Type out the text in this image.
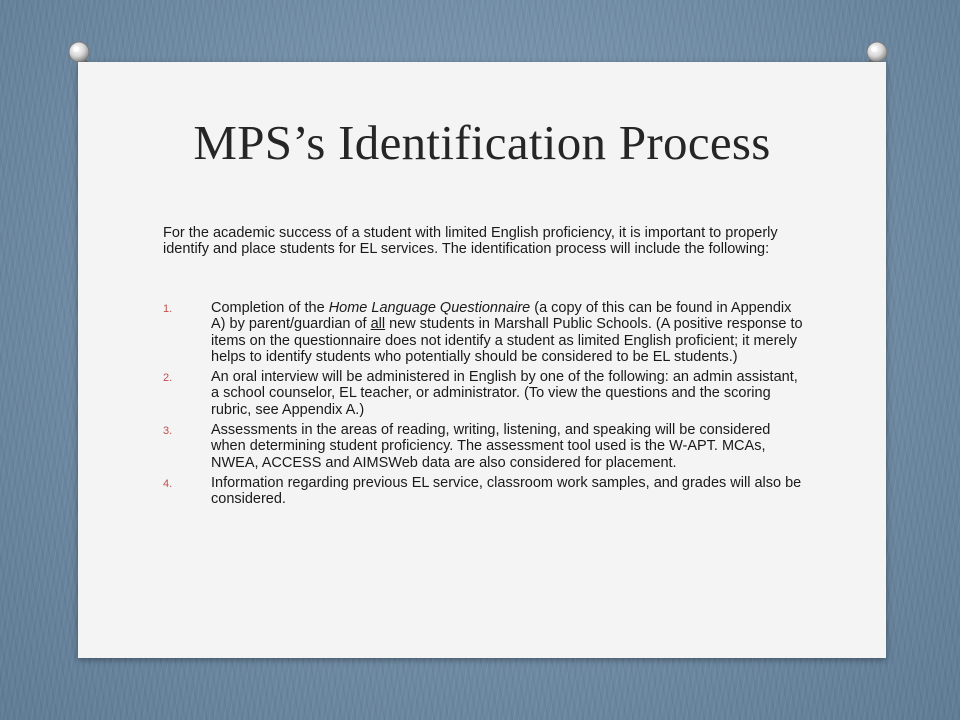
MPS’s Identification Process

For the academic success of a student with limited English proficiency, it is important to properly identify and place students for EL services. The identification process will include the following:

1.	Completion of the Home Language Questionnaire (a copy of this can be found in Appendix A) by parent/guardian of all new students in Marshall Public Schools. (A positive response to items on the questionnaire does not identify a student as limited English proficient; it merely helps to identify students who potentially should be considered to be EL students.)
2.	An oral interview will be administered in English by one of the following: an admin assistant, a school counselor, EL teacher, or administrator. (To view the questions and the scoring rubric, see Appendix A.)
3.	Assessments in the areas of reading, writing, listening, and speaking will be considered when determining student proficiency. The assessment tool used is the W-APT. MCAs, NWEA, ACCESS and AIMSWeb data are also considered for placement.
4.	Information regarding previous EL service, classroom work samples, and grades will also be considered.
